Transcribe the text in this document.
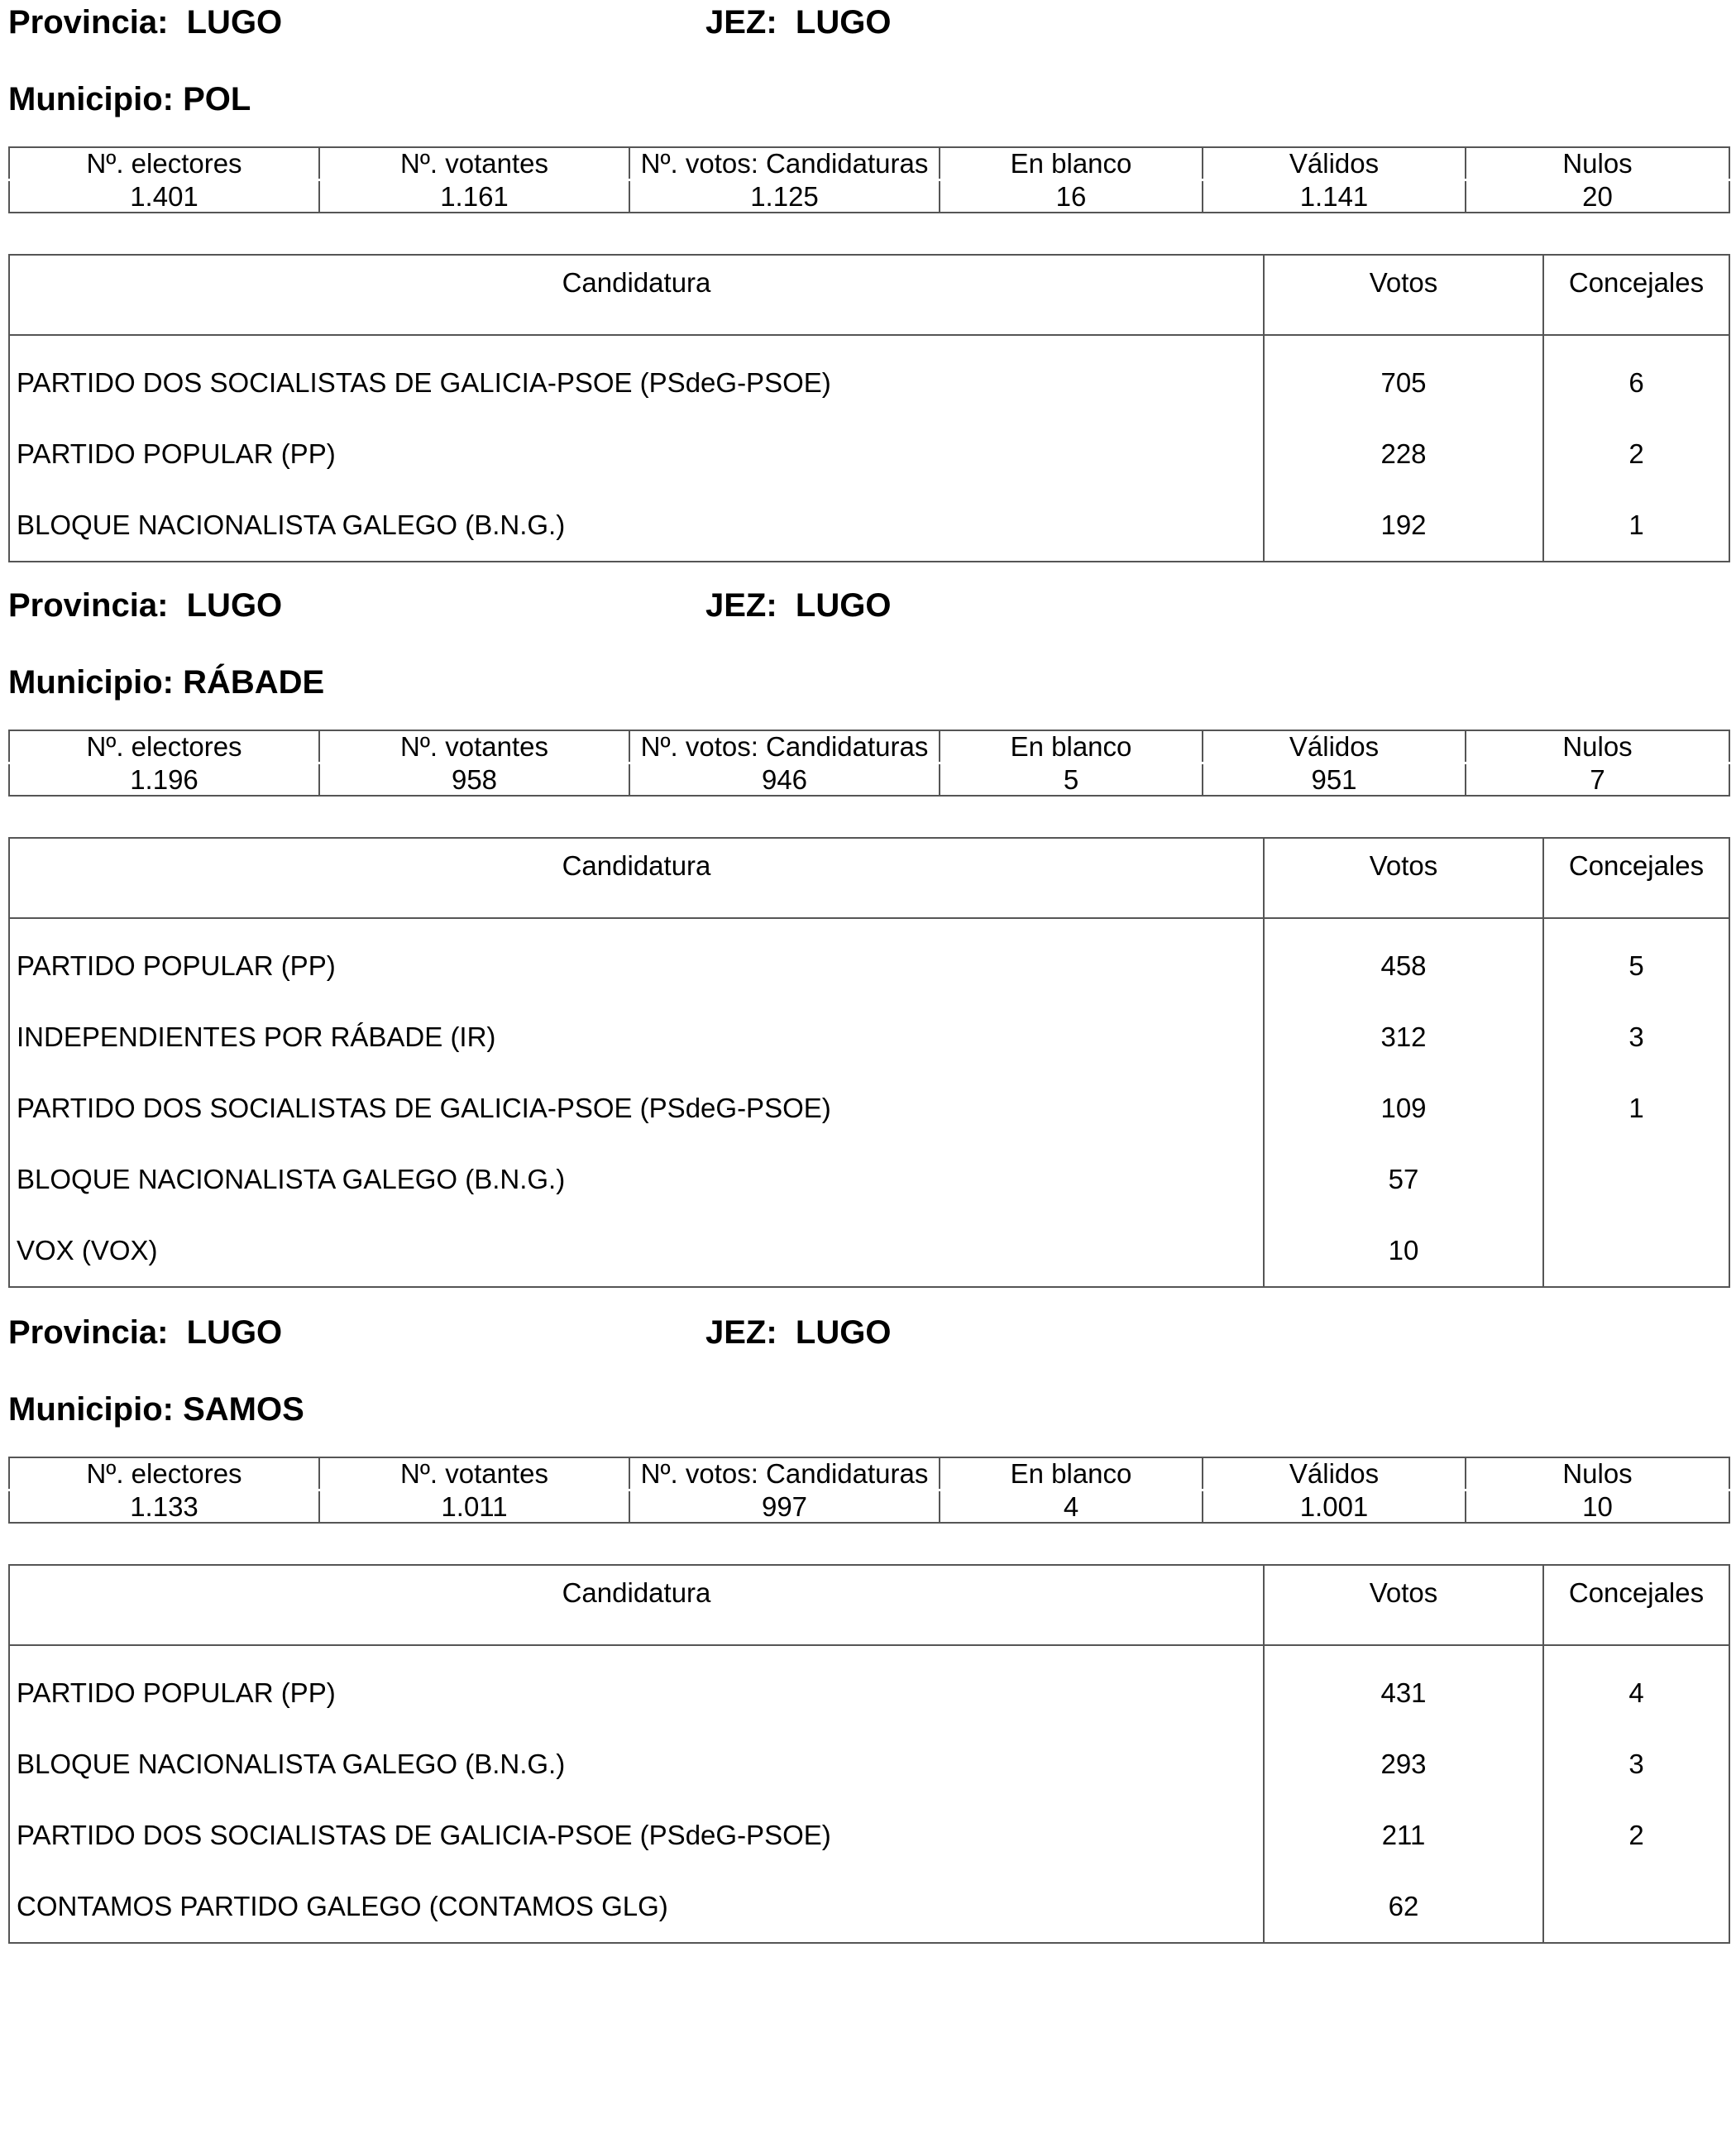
Provincia:  LUGO	JEZ:  LUGO
Municipio: POL
Nº. electores	Nº. votantes	Nº. votos: Candidaturas	En blanco	Válidos	Nulos
1.401	1.161	1.125	16	1.141	20
Candidatura	Votos	Concejales
PARTIDO DOS SOCIALISTAS DE GALICIA-PSOE (PSdeG-PSOE)	705	6
PARTIDO POPULAR (PP)	228	2
BLOQUE NACIONALISTA GALEGO (B.N.G.)	192	1
Provincia:  LUGO	JEZ:  LUGO
Municipio: RÁBADE
Nº. electores	Nº. votantes	Nº. votos: Candidaturas	En blanco	Válidos	Nulos
1.196	958	946	5	951	7
Candidatura	Votos	Concejales
PARTIDO POPULAR (PP)	458	5
INDEPENDIENTES POR RÁBADE (IR)	312	3
PARTIDO DOS SOCIALISTAS DE GALICIA-PSOE (PSdeG-PSOE)	109	1
BLOQUE NACIONALISTA GALEGO (B.N.G.)	57	
VOX (VOX)	10	
Provincia:  LUGO	JEZ:  LUGO
Municipio: SAMOS
Nº. electores	Nº. votantes	Nº. votos: Candidaturas	En blanco	Válidos	Nulos
1.133	1.011	997	4	1.001	10
Candidatura	Votos	Concejales
PARTIDO POPULAR (PP)	431	4
BLOQUE NACIONALISTA GALEGO (B.N.G.)	293	3
PARTIDO DOS SOCIALISTAS DE GALICIA-PSOE (PSdeG-PSOE)	211	2
CONTAMOS PARTIDO GALEGO (CONTAMOS GLG)	62	
